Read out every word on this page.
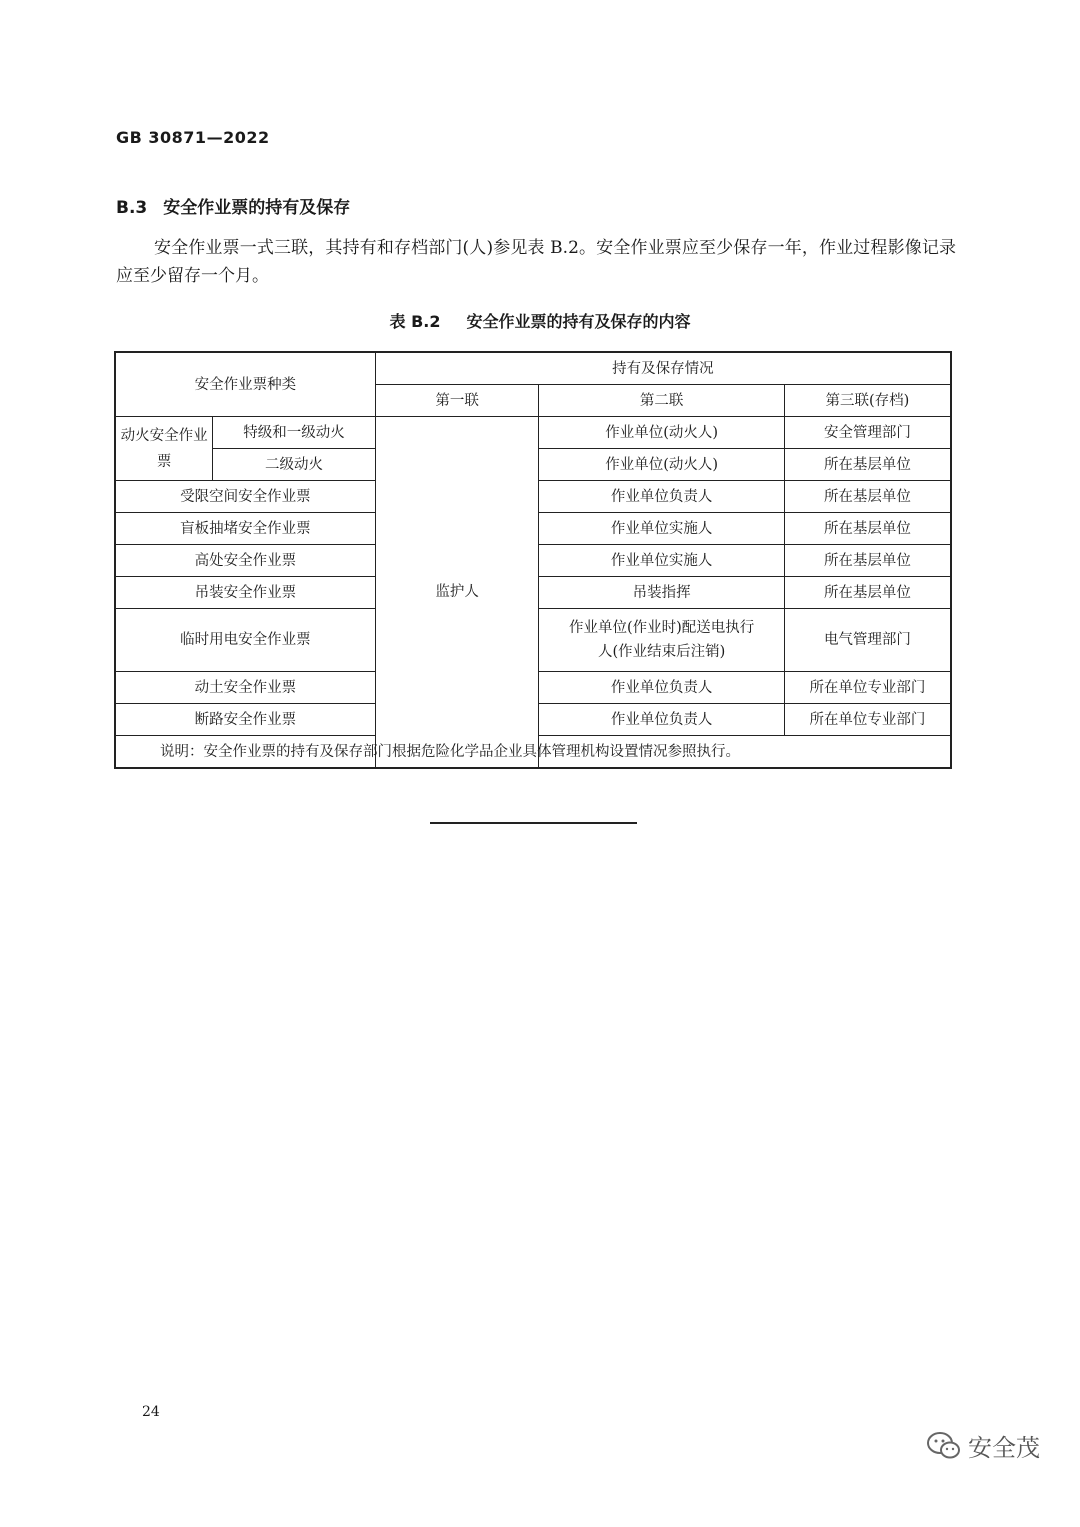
GB 30871—2022
B.3 安全作业票的持有及保存
安全作业票一式三联，其持有和存档部门(人)参见表 B.2。安全作业票应至少保存一年，作业过程影像记录应至少留存一个月。
表 B.2 安全作业票的持有及保存的内容
安全作业票种类		持有及保存情况		
		第一联	第二联	第三联(存档)
动火安全作业票	特级和一级动火	监护人	作业单位(动火人)	安全管理部门
	二级动火		作业单位(动火人)	所在基层单位
受限空间安全作业票			作业单位负责人	所在基层单位
盲板抽堵安全作业票			作业单位实施人	所在基层单位
高处安全作业票			作业单位实施人	所在基层单位
吊装安全作业票			吊装指挥	所在基层单位
临时用电安全作业票			作业单位(作业时)配送电执行人(作业结束后注销)	电气管理部门
动土安全作业票			作业单位负责人	所在单位专业部门
断路安全作业票			作业单位负责人	所在单位专业部门
说明：安全作业票的持有及保存部门根据危险化学品企业具体管理机构设置情况参照执行。				
24
安全茂
